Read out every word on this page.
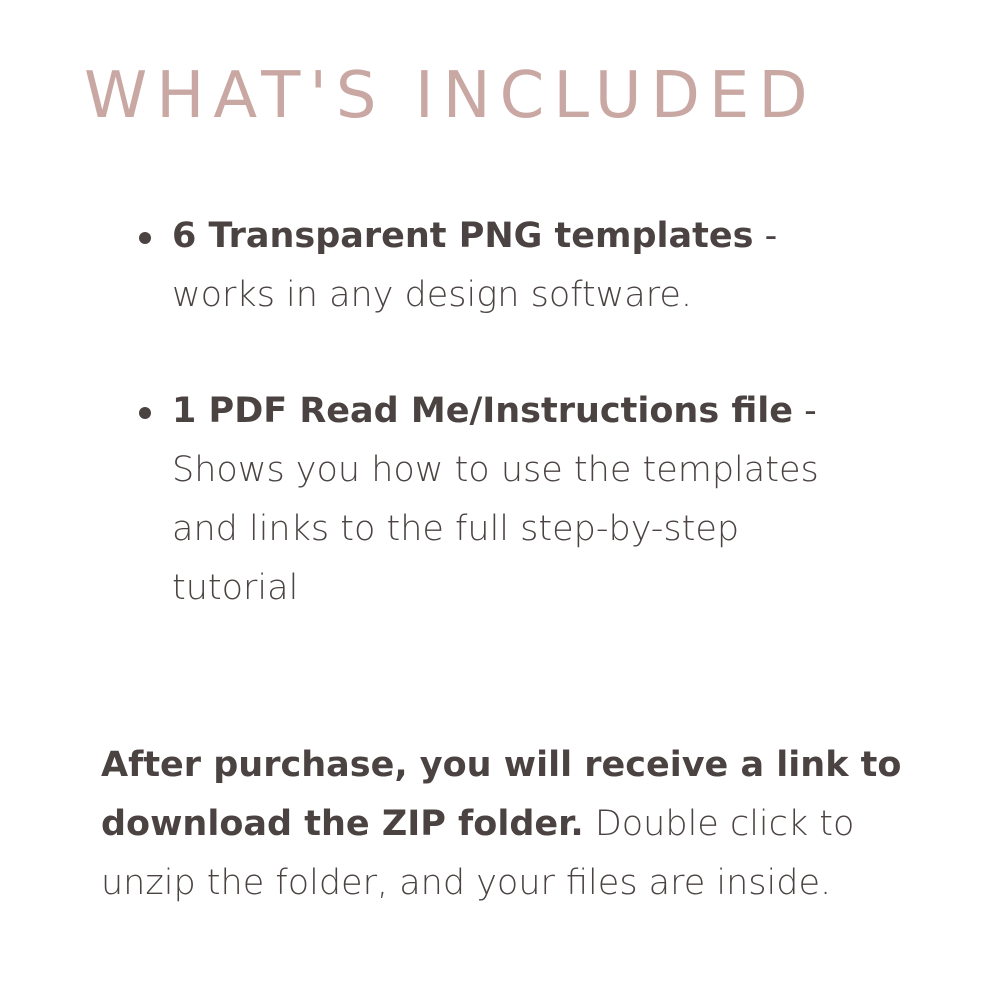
WHAT'S INCLUDED
6 Transparent PNG templates -
works in any design software.
1 PDF Read Me/Instructions file -
Shows you how to use the templates
and links to the full step-by-step
tutorial

After purchase, you will receive a link to
download the ZIP folder. Double click to
unzip the folder, and your files are inside.
